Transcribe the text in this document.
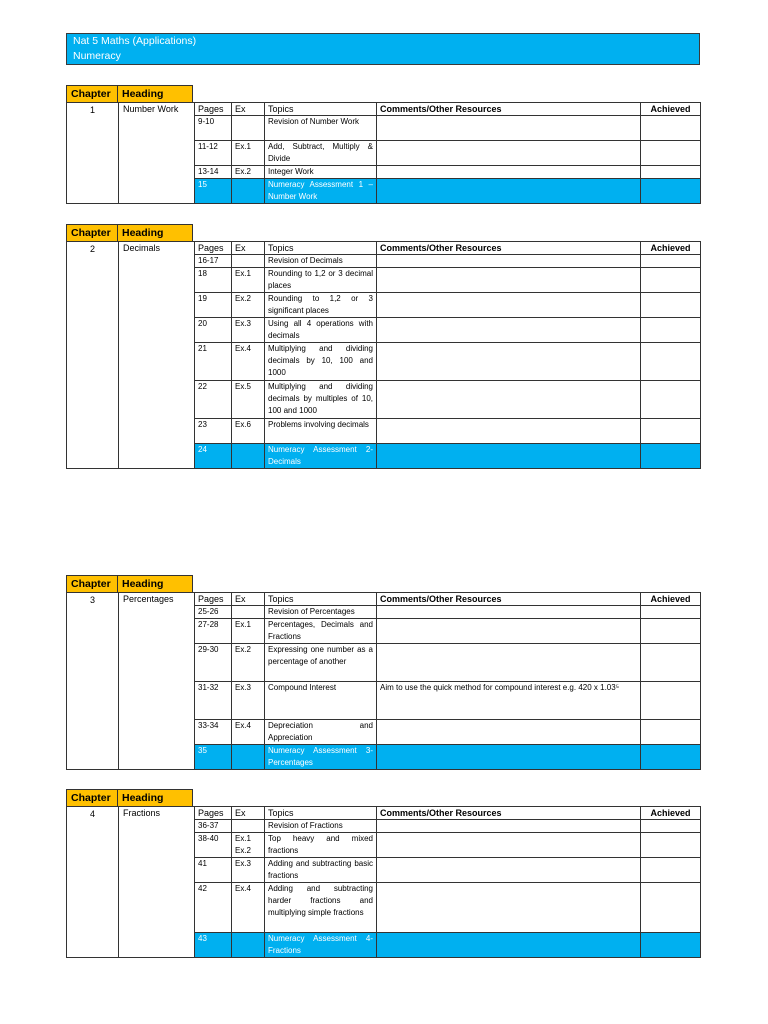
Nat 5 Maths (Applications)
Numeracy
Chapter	Heading
1	Number Work	Pages	Ex	Topics	Comments/Other Resources	Achieved
		9-10		Revision of Number Work		
		11-12	Ex.1	Add, Subtract, Multiply & Divide		
		13-14	Ex.2	Integer Work		
		15		Numeracy Assessment 1 – Number Work		
Chapter	Heading
2	Decimals	Pages	Ex	Topics	Comments/Other Resources	Achieved
		16-17		Revision of Decimals		
		18	Ex.1	Rounding to 1,2 or 3 decimal places		
		19	Ex.2	Rounding to 1,2 or 3 significant places		
		20	Ex.3	Using all 4 operations with decimals		
		21	Ex.4	Multiplying and dividing decimals by 10, 100 and 1000		
		22	Ex.5	Multiplying and dividing decimals by multiples of 10, 100 and 1000		
		23	Ex.6	Problems involving decimals		
		24		Numeracy Assessment 2- Decimals		
Chapter	Heading
3	Percentages	Pages	Ex	Topics	Comments/Other Resources	Achieved
		25-26		Revision of Percentages		
		27-28	Ex.1	Percentages, Decimals and Fractions		
		29-30	Ex.2	Expressing one number as a percentage of another		
		31-32	Ex.3	Compound Interest	Aim to use the quick method for compound interest e.g. 420 x 1.03⁵	
		33-34	Ex.4	Depreciation and Appreciation		
		35		Numeracy Assessment 3- Percentages		
Chapter	Heading
4	Fractions	Pages	Ex	Topics	Comments/Other Resources	Achieved
		36-37		Revision of Fractions		
		38-40	Ex.1 Ex.2	Top heavy and mixed fractions		
		41	Ex.3	Adding and subtracting basic fractions		
		42	Ex.4	Adding and subtracting harder fractions and multiplying simple fractions		
		43		Numeracy Assessment 4- Fractions		
